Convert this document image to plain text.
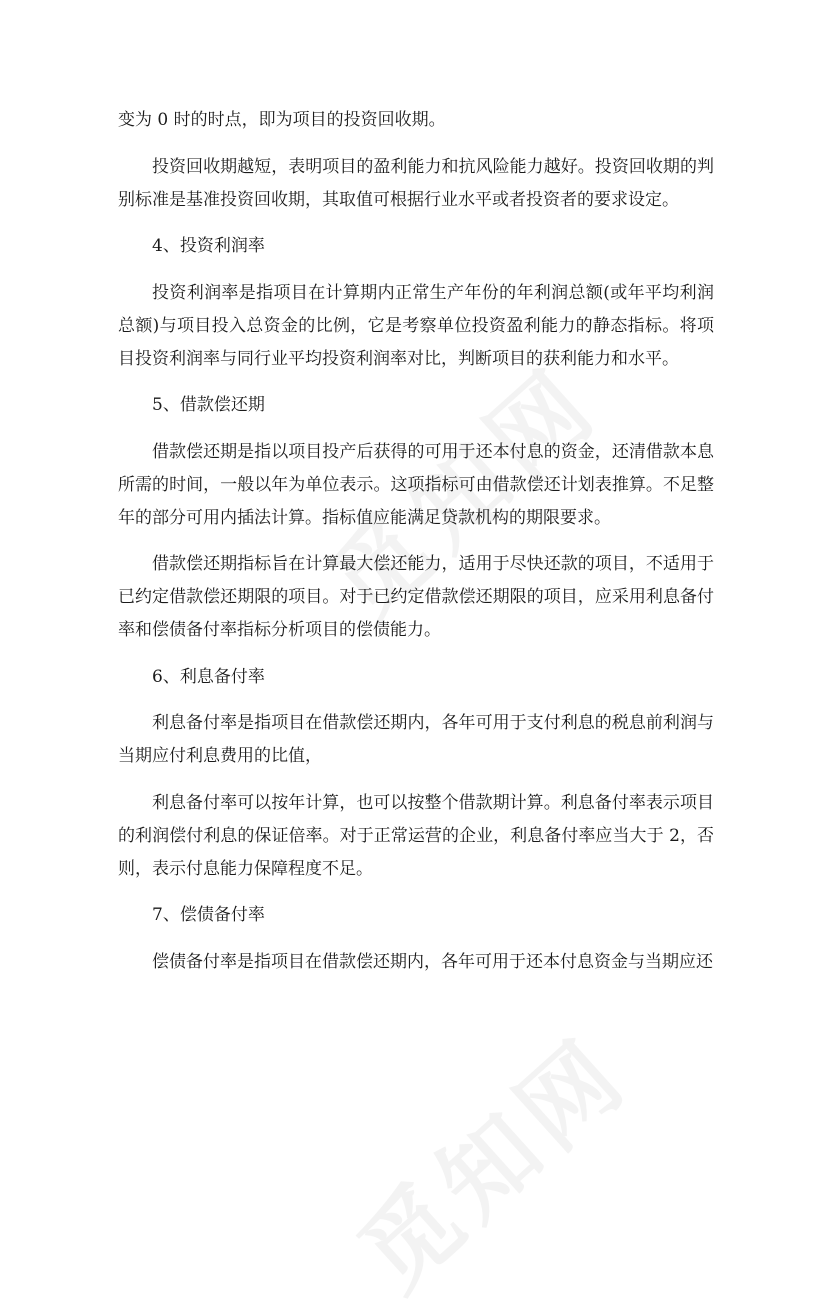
变为 0 时的时点，即为项目的投资回收期。

投资回收期越短，表明项目的盈利能力和抗风险能力越好。投资回收期的判别标准是基准投资回收期，其取值可根据行业水平或者投资者的要求设定。

4、投资利润率

投资利润率是指项目在计算期内正常生产年份的年利润总额(或年平均利润总额)与项目投入总资金的比例，它是考察单位投资盈利能力的静态指标。将项目投资利润率与同行业平均投资利润率对比，判断项目的获利能力和水平。

5、借款偿还期

借款偿还期是指以项目投产后获得的可用于还本付息的资金，还清借款本息所需的时间，一般以年为单位表示。这项指标可由借款偿还计划表推算。不足整年的部分可用内插法计算。指标值应能满足贷款机构的期限要求。

借款偿还期指标旨在计算最大偿还能力，适用于尽快还款的项目，不适用于已约定借款偿还期限的项目。对于已约定借款偿还期限的项目，应采用利息备付率和偿债备付率指标分析项目的偿债能力。

6、利息备付率

利息备付率是指项目在借款偿还期内，各年可用于支付利息的税息前利润与当期应付利息费用的比值，

利息备付率可以按年计算，也可以按整个借款期计算。利息备付率表示项目的利润偿付利息的保证倍率。对于正常运营的企业，利息备付率应当大于 2，否则，表示付息能力保障程度不足。

7、偿债备付率

偿债备付率是指项目在借款偿还期内，各年可用于还本付息资金与当期应还
